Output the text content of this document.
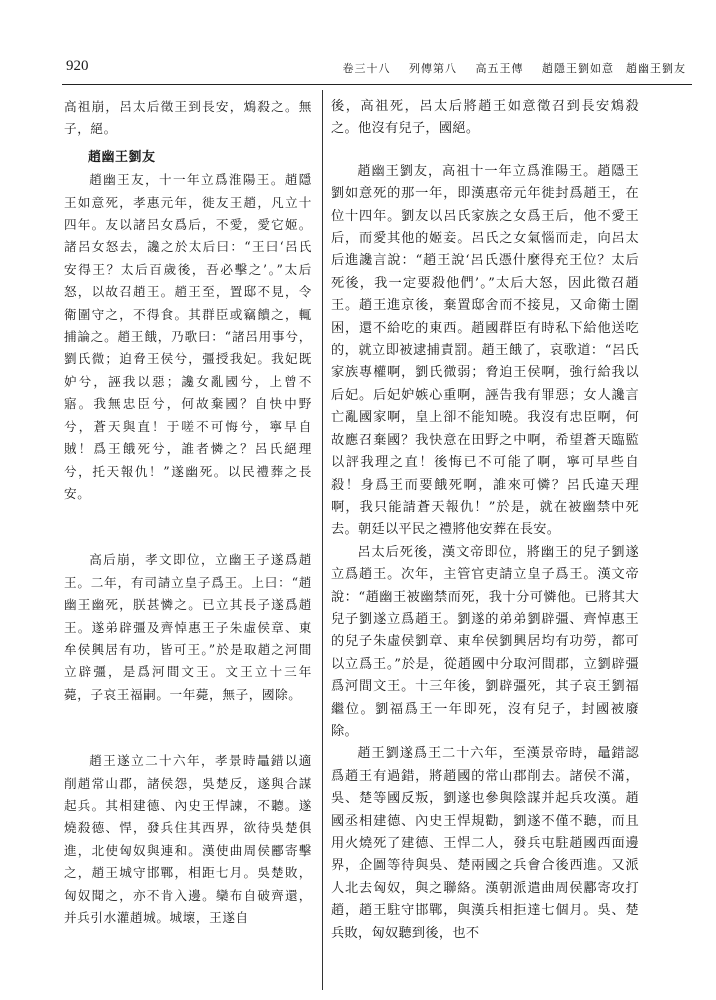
920	卷三十八 列傳第八 高五王傳 趙隱王劉如意　趙幽王劉友

高祖崩，呂太后徵王到長安，鴆殺之。無子，絕。

趙幽王劉友

趙幽王友，十一年立爲淮陽王。趙隱王如意死，孝惠元年，徙友王趙，凡立十四年。友以諸呂女爲后，不愛，愛它姬。諸呂女怒去，讒之於太后曰：“王曰‘呂氏安得王？太后百歲後，吾必擊之’。”太后怒，以故召趙王。趙王至，置邸不見，令衛圍守之，不得食。其群臣或竊饋之，輒捕論之。趙王餓，乃歌曰：“諸呂用事兮，劉氏微；迫脅王侯兮，彊授我妃。我妃既妒兮，誣我以惡；讒女亂國兮，上曾不寤。我無忠臣兮，何故棄國？自快中野兮，蒼天與直！于嗟不可悔兮，寧早自賊！爲王餓死兮，誰者憐之？呂氏絕理兮，托天報仇！”遂幽死。以民禮葬之長安。

高后崩，孝文即位，立幽王子遂爲趙王。二年，有司請立皇子爲王。上曰：“趙幽王幽死，朕甚憐之。已立其長子遂爲趙王。遂弟辟彊及齊悼惠王子朱虛侯章、東牟侯興居有功，皆可王。”於是取趙之河間立辟彊，是爲河間文王。文王立十三年薨，子哀王福嗣。一年薨，無子，國除。

趙王遂立二十六年，孝景時鼂錯以適削趙常山郡，諸侯怨，吳楚反，遂與合謀起兵。其相建德、內史王悍諫，不聽。遂燒殺德、悍，發兵住其西界，欲待吳楚俱進，北使匈奴與連和。漢使曲周侯酈寄擊之，趙王城守邯鄲，相距七月。吳楚敗，匈奴聞之，亦不肯入邊。欒布自破齊還，并兵引水灌趙城。城壞，王遂自

後，高祖死，呂太后將趙王如意徵召到長安鴆殺之。他沒有兒子，國絕。

趙幽王劉友，高祖十一年立爲淮陽王。趙隱王劉如意死的那一年，即漢惠帝元年徙封爲趙王，在位十四年。劉友以呂氏家族之女爲王后，他不愛王后，而愛其他的姬妾。呂氏之女氣惱而走，向呂太后進讒言說：“趙王說‘呂氏憑什麼得充王位？太后死後，我一定要殺他們’。”太后大怒，因此徵召趙王。趙王進京後，棄置邸舍而不接見，又命衛士圍困，還不給吃的東西。趙國群臣有時私下給他送吃的，就立即被逮捕責罰。趙王餓了，哀歌道：“呂氏家族專權啊，劉氏微弱；脅迫王侯啊，強行給我以后妃。后妃妒嫉心重啊，誣告我有罪惡；女人讒言亡亂國家啊，皇上卻不能知曉。我沒有忠臣啊，何故應召棄國？我快意在田野之中啊，希望蒼天臨監以評我理之直！後悔已不可能了啊，寧可早些自殺！身爲王而要餓死啊，誰來可憐？呂氏違天理啊，我只能請蒼天報仇！”於是，就在被幽禁中死去。朝廷以平民之禮將他安葬在長安。

呂太后死後，漢文帝即位，將幽王的兒子劉遂立爲趙王。次年，主管官吏請立皇子爲王。漢文帝說：“趙幽王被幽禁而死，我十分可憐他。已將其大兒子劉遂立爲趙王。劉遂的弟弟劉辟彊、齊悼惠王的兒子朱虛侯劉章、東牟侯劉興居均有功勞，都可以立爲王。”於是，從趙國中分取河間郡，立劉辟彊爲河間文王。十三年後，劉辟彊死，其子哀王劉福繼位。劉福爲王一年即死，沒有兒子，封國被廢除。

趙王劉遂爲王二十六年，至漢景帝時，鼂錯認爲趙王有過錯，將趙國的常山郡削去。諸侯不滿，吳、楚等國反叛，劉遂也參與陰謀并起兵攻漢。趙國丞相建德、內史王悍規勸，劉遂不僅不聽，而且用火燒死了建德、王悍二人，發兵屯駐趙國西面邊界，企圖等待與吳、楚兩國之兵會合後西進。又派人北去匈奴，與之聯絡。漢朝派遣曲周侯酈寄攻打趙，趙王駐守邯鄲，與漢兵相拒達七個月。吳、楚兵敗，匈奴聽到後，也不
